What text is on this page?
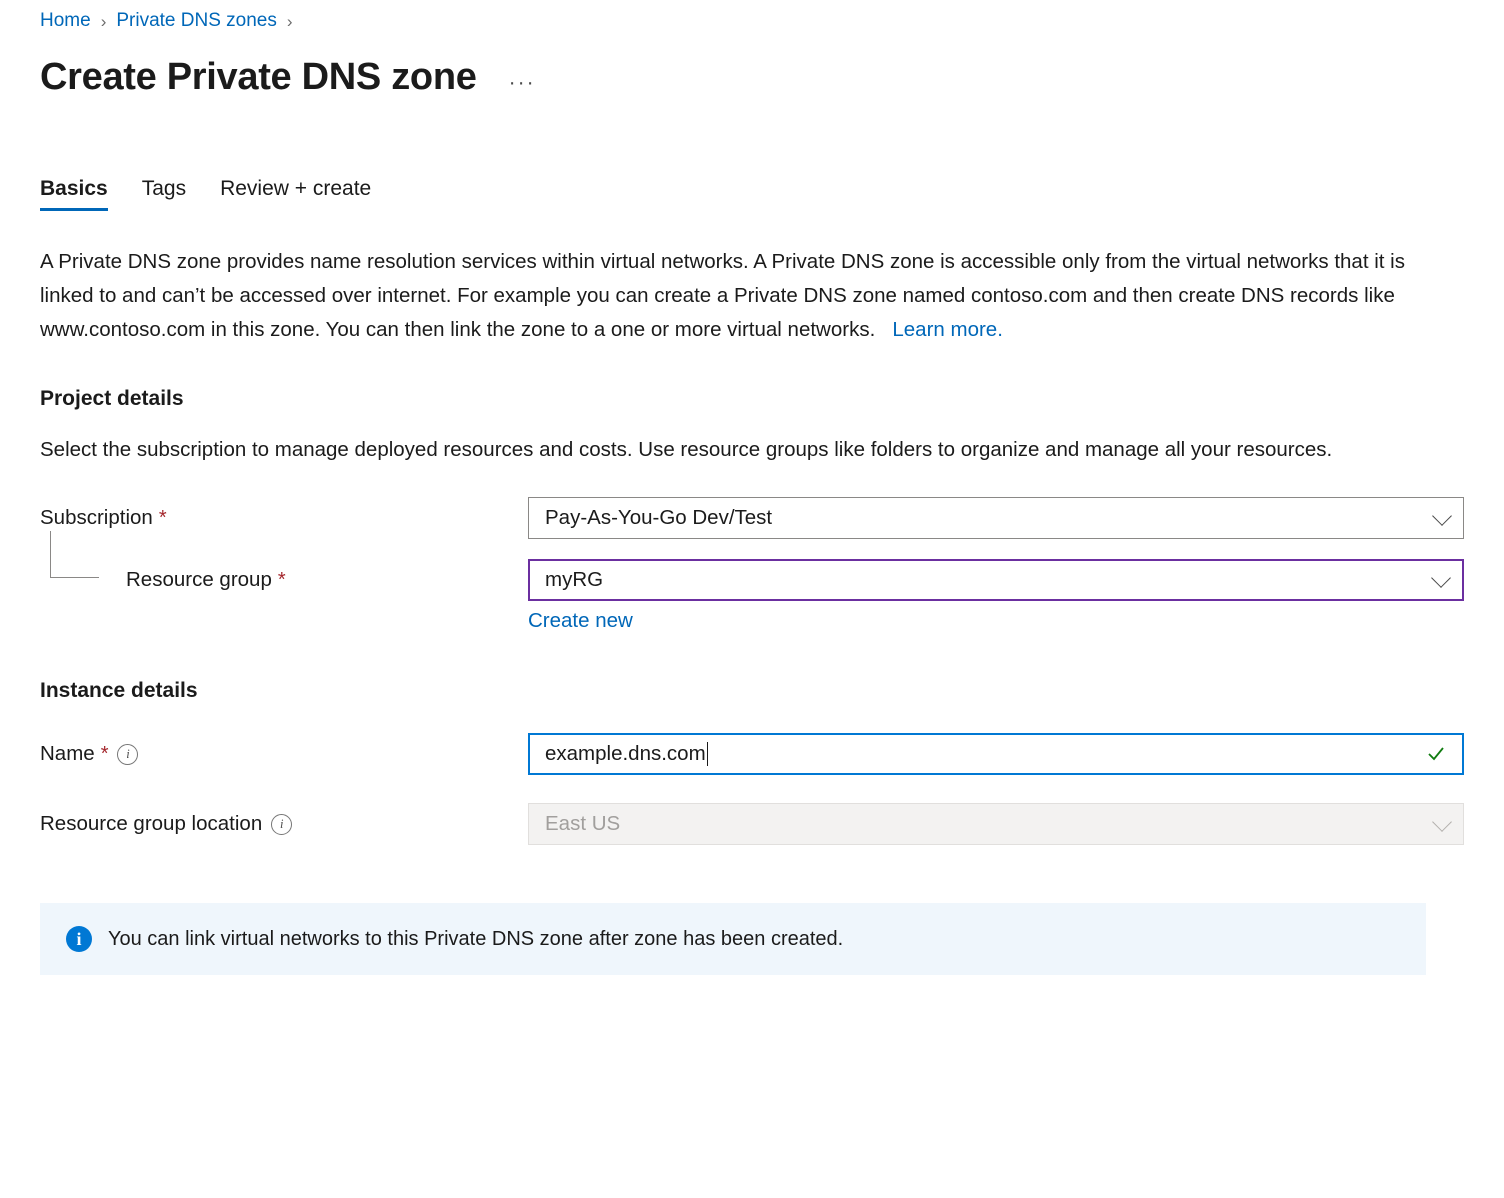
Home › Private DNS zones ›
Create Private DNS zone ···
Basics Tags Review + create
A Private DNS zone provides name resolution services within virtual networks. A Private DNS zone is accessible only from the virtual networks that it is linked to and can’t be accessed over internet. For example you can create a Private DNS zone named contoso.com and then create DNS records like www.contoso.com in this zone. You can then link the zone to a one or more virtual networks. Learn more.
Project details
Select the subscription to manage deployed resources and costs. Use resource groups like folders to organize and manage all your resources.
Subscription *	Pay-As-You-Go Dev/Test
Resource group *	myRG
Create new
Instance details
Name *	i	example.dns.com
Resource group location	i	East US
i	You can link virtual networks to this Private DNS zone after zone has been created.
